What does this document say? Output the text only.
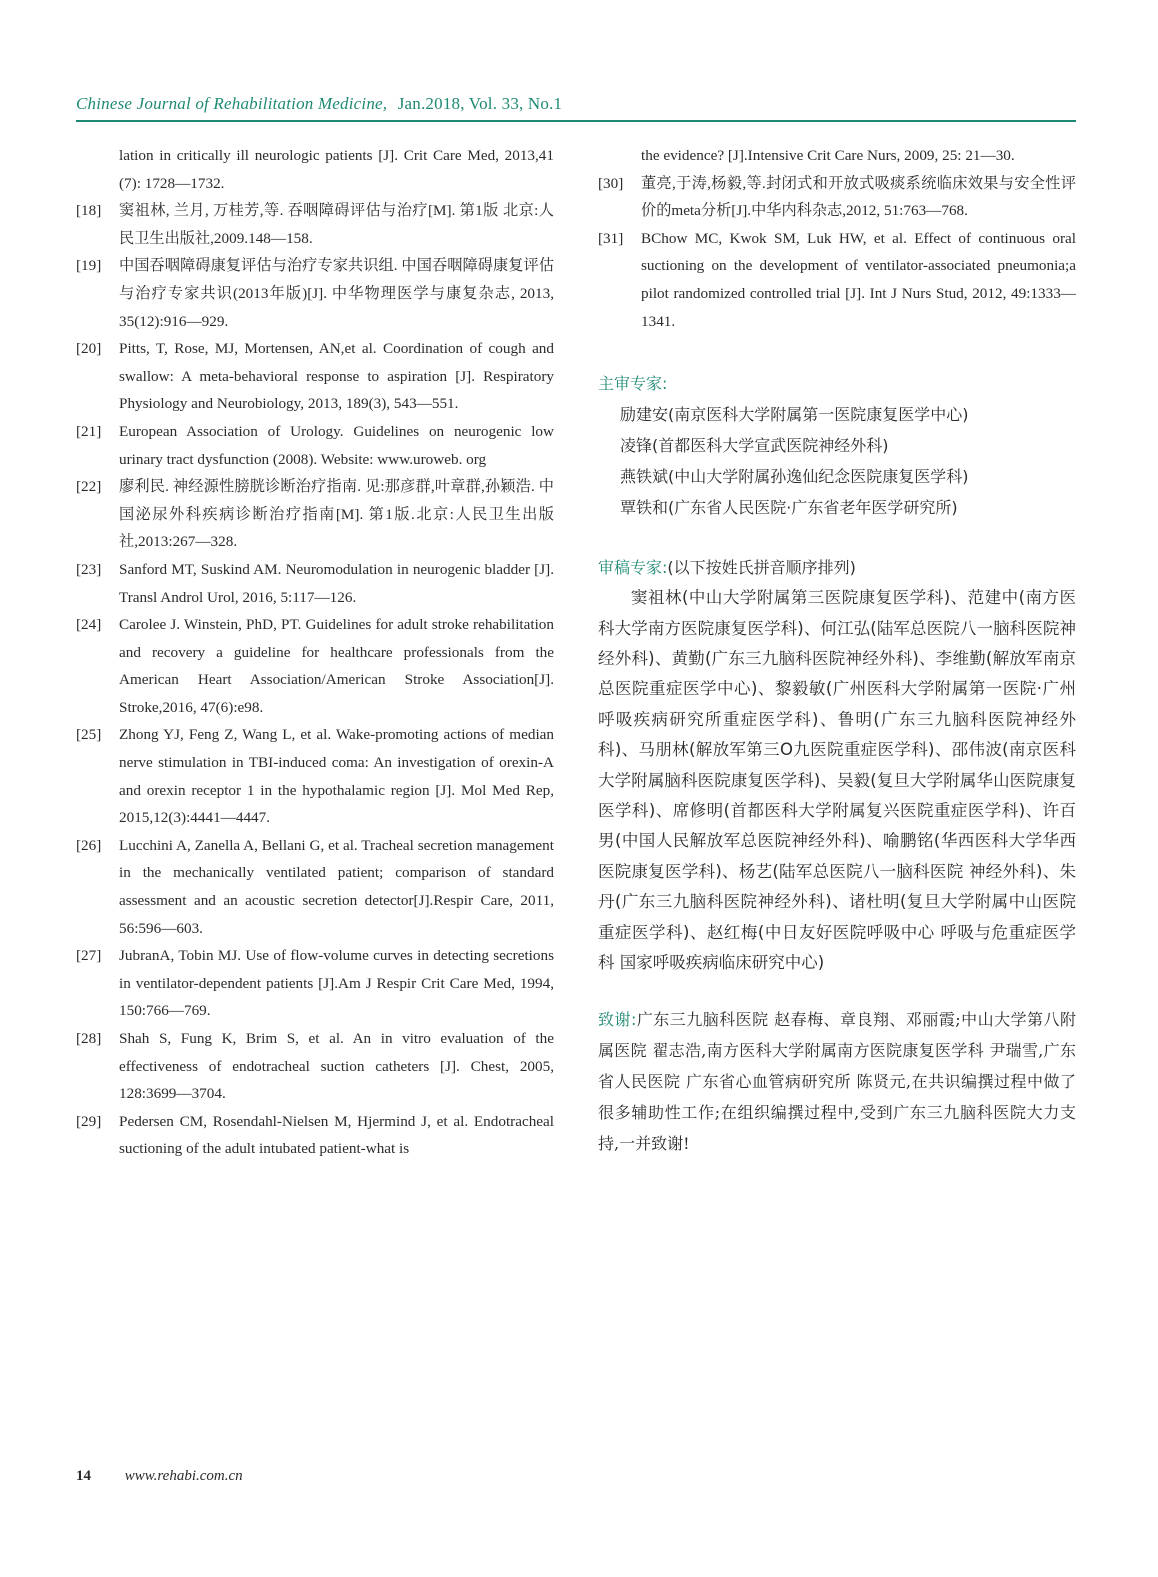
Chinese Journal of Rehabilitation Medicine, Jan.2018, Vol. 33, No.1
lation in critically ill neurologic patients [J]. Crit Care Med, 2013,41 (7): 1728—1732.
[18]	窦祖林, 兰月, 万桂芳,等. 吞咽障碍评估与治疗[M]. 第1版 北京:人民卫生出版社,2009.148—158.
[19]	中国吞咽障碍康复评估与治疗专家共识组. 中国吞咽障碍康复评估与治疗专家共识(2013年版)[J]. 中华物理医学与康复杂志, 2013, 35(12):916—929.
[20]	Pitts, T, Rose, MJ, Mortensen, AN,et al. Coordination of cough and swallow: A meta-behavioral response to aspiration [J]. Respiratory Physiology and Neurobiology, 2013, 189(3), 543—551.
[21]	European Association of Urology. Guidelines on neurogenic low urinary tract dysfunction (2008). Website: www.uroweb. org
[22]	廖利民. 神经源性膀胱诊断治疗指南. 见:那彦群,叶章群,孙颖浩. 中国泌尿外科疾病诊断治疗指南[M]. 第1版.北京:人民卫生出版社,2013:267—328.
[23]	Sanford MT, Suskind AM. Neuromodulation in neurogenic bladder [J]. Transl Androl Urol, 2016, 5:117—126.
[24]	Carolee J. Winstein, PhD, PT. Guidelines for adult stroke rehabilitation and recovery a guideline for healthcare professionals from the American Heart Association/American Stroke Association[J]. Stroke,2016, 47(6):e98.
[25]	Zhong YJ, Feng Z, Wang L, et al. Wake-promoting actions of median nerve stimulation in TBI-induced coma: An investigation of orexin-A and orexin receptor 1 in the hypothalamic region [J]. Mol Med Rep, 2015,12(3):4441—4447.
[26]	Lucchini A, Zanella A, Bellani G, et al. Tracheal secretion management in the mechanically ventilated patient; comparison of standard assessment and an acoustic secretion detector[J].Respir Care, 2011, 56:596—603.
[27]	JubranA, Tobin MJ. Use of flow-volume curves in detecting secretions in ventilator-dependent patients [J].Am J Respir Crit Care Med, 1994, 150:766—769.
[28]	Shah S, Fung K, Brim S, et al. An in vitro evaluation of the effectiveness of endotracheal suction catheters [J]. Chest, 2005, 128:3699—3704.
[29]	Pedersen CM, Rosendahl-Nielsen M, Hjermind J, et al. Endotracheal suctioning of the adult intubated patient-what is
the evidence? [J].Intensive Crit Care Nurs, 2009, 25: 21—30.
[30]	董亮,于涛,杨毅,等.封闭式和开放式吸痰系统临床效果与安全性评价的meta分析[J].中华内科杂志,2012, 51:763—768.
[31]	BChow MC, Kwok SM, Luk HW, et al. Effect of continuous oral suctioning on the development of ventilator-associated pneumonia;a pilot randomized controlled trial [J]. Int J Nurs Stud, 2012, 49:1333—1341.
主审专家:
励建安(南京医科大学附属第一医院康复医学中心)
凌锋(首都医科大学宣武医院神经外科)
燕铁斌(中山大学附属孙逸仙纪念医院康复医学科)
覃铁和(广东省人民医院·广东省老年医学研究所)
审稿专家:(以下按姓氏拼音顺序排列)
窦祖林(中山大学附属第三医院康复医学科)、范建中(南方医科大学南方医院康复医学科)、何江弘(陆军总医院八一脑科医院神经外科)、黄勤(广东三九脑科医院神经外科)、李维勤(解放军南京总医院重症医学中心)、黎毅敏(广州医科大学附属第一医院·广州呼吸疾病研究所重症医学科)、鲁明(广东三九脑科医院神经外科)、马朋林(解放军第三O九医院重症医学科)、邵伟波(南京医科大学附属脑科医院康复医学科)、吴毅(复旦大学附属华山医院康复医学科)、席修明(首都医科大学附属复兴医院重症医学科)、许百男(中国人民解放军总医院神经外科)、喻鹏铭(华西医科大学华西医院康复医学科)、杨艺(陆军总医院八一脑科医院 神经外科)、朱丹(广东三九脑科医院神经外科)、诸杜明(复旦大学附属中山医院重症医学科)、赵红梅(中日友好医院呼吸中心 呼吸与危重症医学科 国家呼吸疾病临床研究中心)
致谢:广东三九脑科医院 赵春梅、章良翔、邓丽霞;中山大学第八附属医院 翟志浩,南方医科大学附属南方医院康复医学科 尹瑞雪,广东省人民医院 广东省心血管病研究所 陈贤元,在共识编撰过程中做了很多辅助性工作;在组织编撰过程中,受到广东三九脑科医院大力支持,一并致谢!
14 www.rehabi.com.cn
